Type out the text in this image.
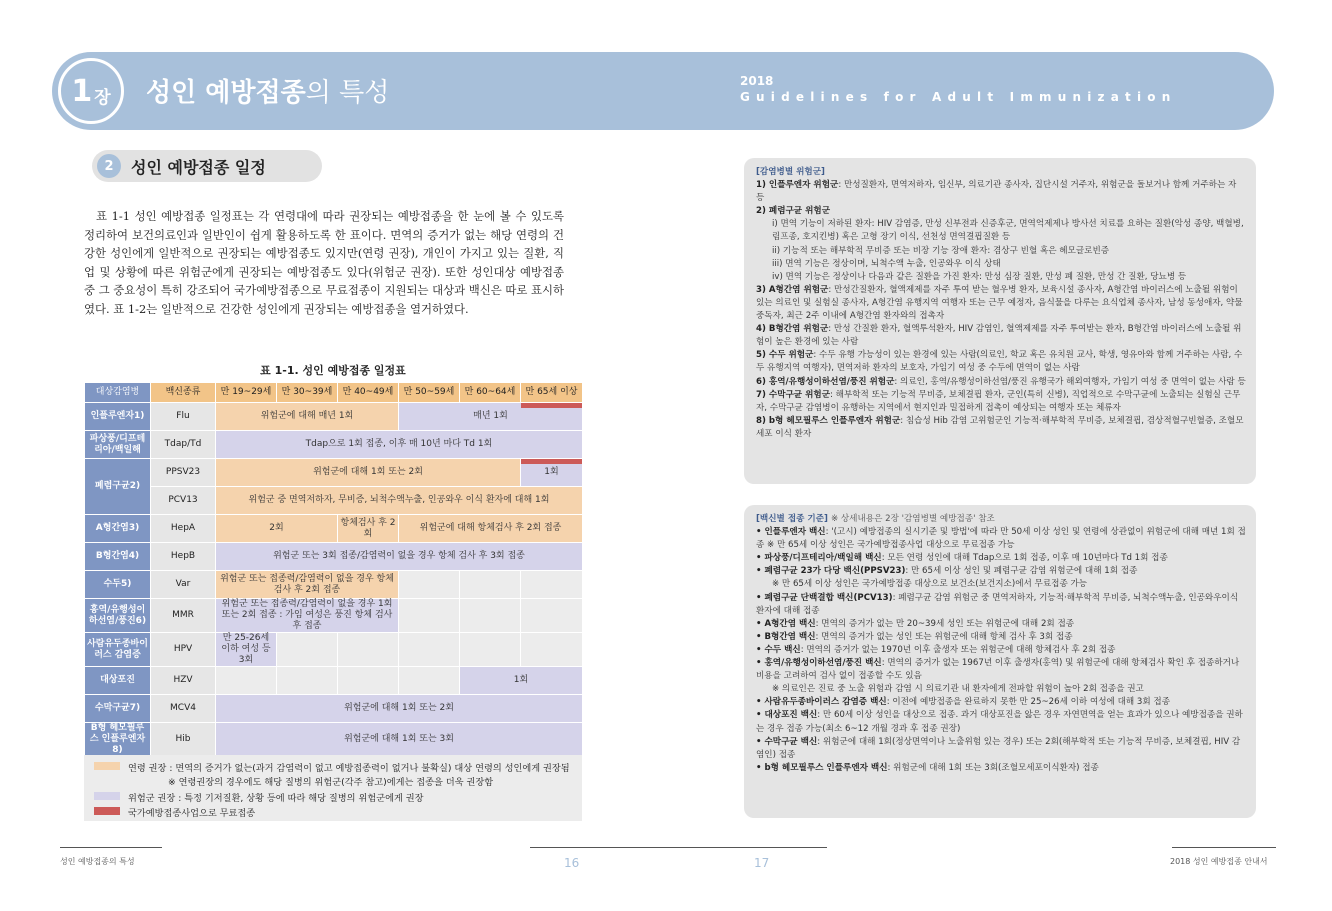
1 장 성인 예방접종의 특성	2018
Guidelines for Adult Immunization
2	성인 예방접종 일정

표 1-1 성인 예방접종 일정표는 각 연령대에 따라 권장되는 예방접종을 한 눈에 볼 수 있도록 정리하여 보건의료인과 일반인이 쉽게 활용하도록 한 표이다. 면역의 증거가 없는 해당 연령의 건강한 성인에게 일반적으로 권장되는 예방접종도 있지만(연령 권장), 개인이 가지고 있는 질환, 직업 및 상황에 따른 위험군에게 권장되는 예방접종도 있다(위험군 권장). 또한 성인대상 예방접종 중 그 중요성이 특히 강조되어 국가예방접종으로 무료접종이 지원되는 대상과 백신은 따로 표시하였다. 표 1-2는 일반적으로 건강한 성인에게 권장되는 예방접종을 열거하였다.

표 1-1. 성인 예방접종 일정표
대상감염병	백신종류	만 19~29세	만 30~39세	만 40~49세	만 50~59세	만 60~64세	만 65세 이상
인플루엔자1)	Flu	위험군에 대해 매년 1회			매년 1회		
파상풍/디프테리아/백일해	Tdap/Td	Tdap으로 1회 접종, 이후 매 10년 마다 Td 1회					
폐렴구균2)	PPSV23	위험군에 대해 1회 또는 2회					1회
	PCV13	위험군 중 면역저하자, 무비증, 뇌척수액누출, 인공와우 이식 환자에 대해 1회					
A형간염3)	HepA	2회		항체검사 후 2회	위험군에 대해 항체검사 후 2회 접종		
B형간염4)	HepB	위험군 또는 3회 접종/감염력이 없을 경우 항체 검사 후 3회 접종					
수두5)	Var	위험군 또는 접종력/감염력이 없을 경우 항체검사 후 2회 접종					
홍역/유행성이하선염/풍진6)	MMR	위험군 또는 접종력/감염력이 없을 경우 1회 또는 2회 접종 : 가임 여성은 풍진 항체 검사 후 접종					
사람유두종바이러스 감염증	HPV	만 25-26세 이하 여성 등 3회					
대상포진	HZV					1회	
수막구균7)	MCV4	위험군에 대해 1회 또는 2회					
B형 헤모필루스 인플루엔자8)	Hib	위험군에 대해 1회 또는 3회					
연령 권장 : 면역의 증거가 없는(과거 감염력이 없고 예방접종력이 없거나 불확실) 대상 연령의 성인에게 권장됨
※ 연령권장의 경우에도 해당 질병의 위험군(각주 참고)에게는 접종을 더욱 권장함
위험군 권장 : 특정 기저질환, 상황 등에 따라 해당 질병의 위험군에게 권장
국가예방접종사업으로 무료접종
[감염병별 위험군]
1) 인플루엔자 위험군: 만성질환자, 면역저하자, 임신부, 의료기관 종사자, 집단시설 거주자, 위험군을 돌보거나 함께 거주하는 자 등
2) 폐렴구균 위험군
i) 면역 기능이 저하된 환자: HIV 감염증, 만성 신부전과 신증후군, 면역억제제나 방사선 치료를 요하는 질환(악성 종양, 백혈병, 림프종, 호지킨병) 혹은 고형 장기 이식, 선천성 면역결핍질환 등
ii) 기능적 또는 해부학적 무비증 또는 비장 기능 장애 환자: 겸상구 빈혈 혹은 헤모글로빈증
iii) 면역 기능은 정상이며, 뇌척수액 누출, 인공와우 이식 상태
iv) 면역 기능은 정상이나 다음과 같은 질환을 가진 환자: 만성 심장 질환, 만성 폐 질환, 만성 간 질환, 당뇨병 등
3) A형간염 위험군: 만성간질환자, 혈액제제를 자주 투여 받는 혈우병 환자, 보육시설 종사자, A형간염 바이러스에 노출될 위험이 있는 의료인 및 실험실 종사자, A형간염 유행지역 여행자 또는 근무 예정자, 음식물을 다루는 요식업체 종사자, 남성 동성애자, 약물중독자, 최근 2주 이내에 A형간염 환자와의 접촉자
4) B형간염 위험군: 만성 간질환 환자, 혈액투석환자, HIV 감염인, 혈액제제를 자주 투여받는 환자, B형간염 바이러스에 노출될 위험이 높은 환경에 있는 사람
5) 수두 위험군: 수두 유행 가능성이 있는 환경에 있는 사람(의료인, 학교 혹은 유치원 교사, 학생, 영유아와 함께 거주하는 사람, 수두 유행지역 여행자), 면역저하 환자의 보호자, 가임기 여성 중 수두에 면역이 없는 사람
6) 홍역/유행성이하선염/풍진 위험군: 의료인, 홍역/유행성이하선염/풍진 유행국가 해외여행자, 가임기 여성 중 면역이 없는 사람 등
7) 수막구균 위험군: 해부학적 또는 기능적 무비증, 보체결핍 환자, 군인(특히 신병), 직업적으로 수막구균에 노출되는 실험실 근무자, 수막구균 감염병이 유행하는 지역에서 현지인과 밀접하게 접촉이 예상되는 여행자 또는 체류자
8) b형 헤모필루스 인플루엔자 위험군: 침습성 Hib 감염 고위험군인 기능적·해부학적 무비증, 보체결핍, 겸상적혈구빈혈증, 조혈모세포 이식 환자
[백신별 접종 기준] ※ 상세내용은 2장 '감염병별 예방접종' 참조
• 인플루엔자 백신: '(고시) 예방접종의 실시기준 및 방법'에 따라 만 50세 이상 성인 및 연령에 상관없이 위험군에 대해 매년 1회 접종 ※ 만 65세 이상 성인은 국가예방접종사업 대상으로 무료접종 가능
• 파상풍/디프테리아/백일해 백신: 모든 연령 성인에 대해 Tdap으로 1회 접종, 이후 매 10년마다 Td 1회 접종
• 폐렴구균 23가 다당 백신(PPSV23): 만 65세 이상 성인 및 폐렴구균 감염 위험군에 대해 1회 접종
※ 만 65세 이상 성인은 국가예방접종 대상으로 보건소(보건지소)에서 무료접종 가능
• 폐렴구균 단백결합 백신(PCV13): 폐렴구균 감염 위험군 중 면역저하자, 기능적·해부학적 무비증, 뇌척수액누출, 인공와우이식 환자에 대해 접종
• A형간염 백신: 면역의 증거가 없는 만 20~39세 성인 또는 위험군에 대해 2회 접종
• B형간염 백신: 면역의 증거가 없는 성인 또는 위험군에 대해 항체 검사 후 3회 접종
• 수두 백신: 면역의 증거가 없는 1970년 이후 출생자 또는 위험군에 대해 항체검사 후 2회 접종
• 홍역/유행성이하선염/풍진 백신: 면역의 증거가 없는 1967년 이후 출생자(홍역) 및 위험군에 대해 항체검사 확인 후 접종하거나 비용을 고려하여 검사 없이 접종할 수도 있음
※ 의료인은 진료 중 노출 위험과 감염 시 의료기관 내 환자에게 전파할 위험이 높아 2회 접종을 권고
• 사람유두종바이러스 감염증 백신: 이전에 예방접종을 완료하지 못한 만 25~26세 이하 여성에 대해 3회 접종
• 대상포진 백신: 만 60세 이상 성인을 대상으로 접종. 과거 대상포진을 앓은 경우 자연면역을 얻는 효과가 있으나 예방접종을 권하는 경우 접종 가능(최소 6~12 개월 경과 후 접종 권장)
• 수막구균 백신: 위험군에 대해 1회(정상면역이나 노출위험 있는 경우) 또는 2회(해부학적 또는 기능적 무비증, 보체결핍, HIV 감염인) 접종
• b형 헤모필루스 인플루엔자 백신: 위험군에 대해 1회 또는 3회(조혈모세포이식환자) 접종
성인 예방접종의 특성	16	17	2018 성인 예방접종 안내서
